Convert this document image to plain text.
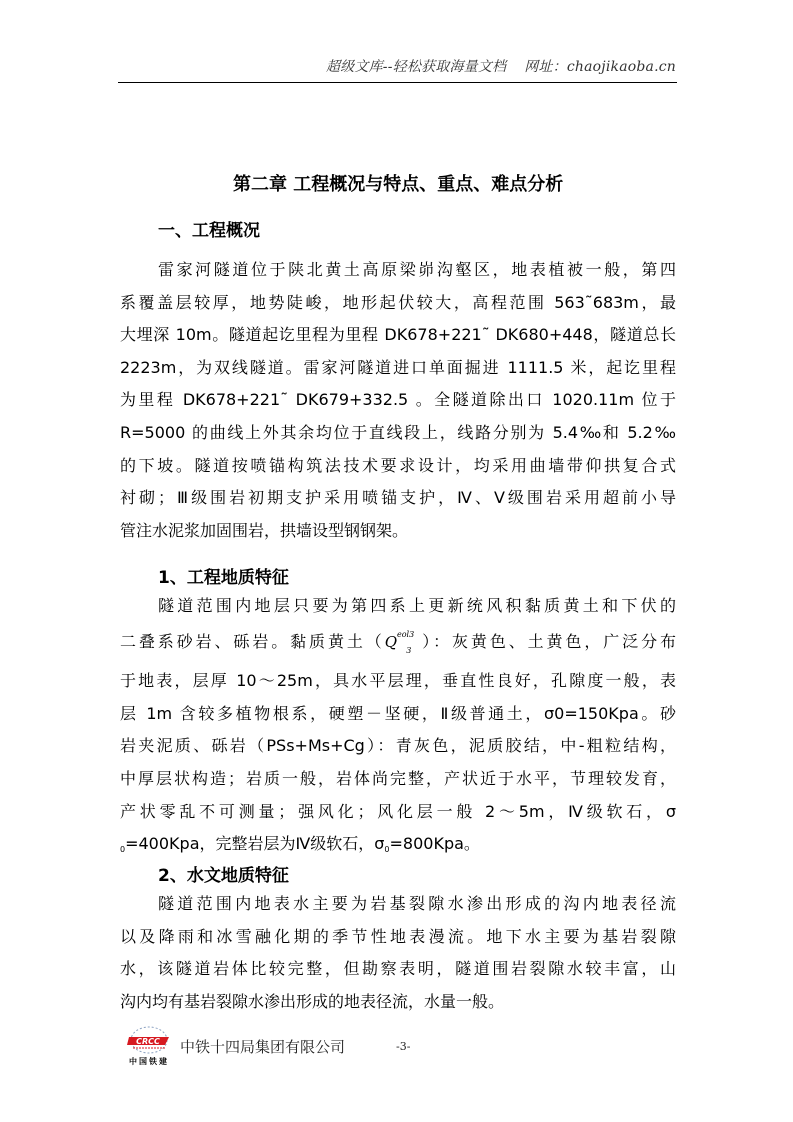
超级文库--轻松获取海量文档 网址：chaojikaoba.cn
第二章 工程概况与特点、重点、难点分析
一、工程概况
雷家河隧道位于陕北黄土高原梁峁沟壑区，地表植被一般，第四
系覆盖层较厚，地势陡峻，地形起伏较大，高程范围 563˜683m，最
大埋深 10m。隧道起讫里程为里程 DK678+221˜ DK680+448，隧道总长
2223m，为双线隧道。雷家河隧道进口单面掘进 1111.5 米，起讫里程
为里程 DK678+221˜ DK679+332.5 。全隧道除出口 1020.11m 位于
R=5000 的曲线上外其余均位于直线段上，线路分别为 5.4‰和 5.2‰
的下坡。隧道按喷锚构筑法技术要求设计，均采用曲墙带仰拱复合式
衬砌；Ⅲ级围岩初期支护采用喷锚支护，Ⅳ、Ⅴ级围岩采用超前小导
管注水泥浆加固围岩，拱墙设型钢钢架。
1、工程地质特征
隧道范围内地层只要为第四系上更新统风积黏质黄土和下伏的
二叠系砂岩、砾岩。黏质黄土（$Q^{eol3}_3$ ）：灰黄色、土黄色，广泛分布
于地表，层厚 10～25m，具水平层理，垂直性良好，孔隙度一般，表
层 1m 含较多植物根系，硬塑－坚硬，Ⅱ级普通土，σ0=150Kpa。砂
岩夹泥质、砾岩（PSs+Ms+Cg）：青灰色，泥质胶结，中-粗粒结构，
中厚层状构造；岩质一般，岩体尚完整，产状近于水平，节理较发育，
产状零乱不可测量；强风化；风化层一般 2～5m，Ⅳ级软石，σ
0=400Kpa，完整岩层为Ⅳ级软石，σ0=800Kpa。
2、水文地质特征
隧道范围内地表水主要为岩基裂隙水渗出形成的沟内地表径流
以及降雨和冰雪融化期的季节性地表漫流。地下水主要为基岩裂隙
水，该隧道岩体比较完整，但勘察表明，隧道围岩裂隙水较丰富，山
沟内均有基岩裂隙水渗出形成的地表径流，水量一般。
CRCC
中国铁建
中铁十四局集团有限公司	-3-
